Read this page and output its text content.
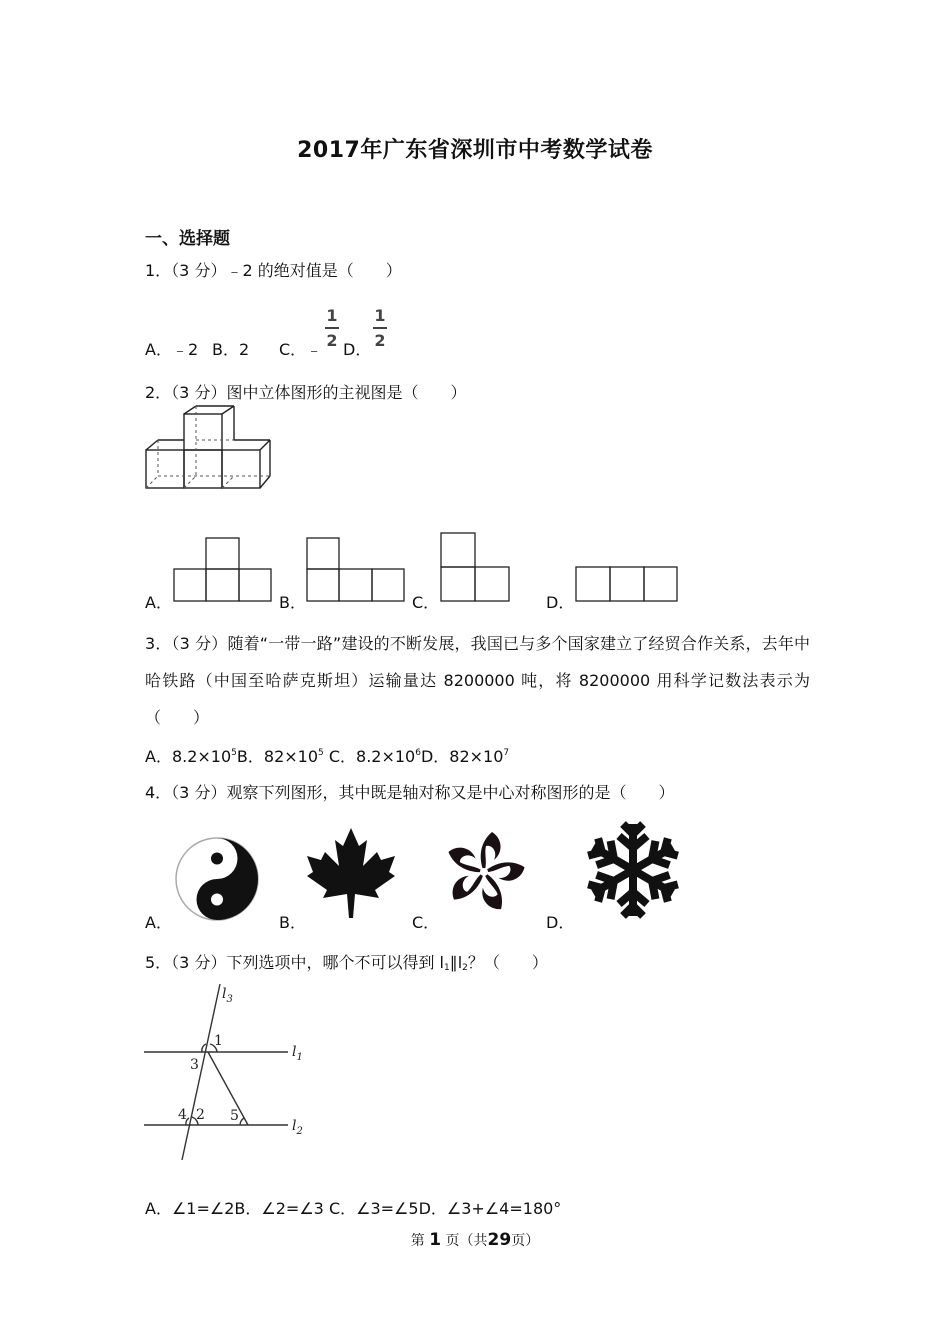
2017年广东省深圳市中考数学试卷
一、选择题
1．（3 分）﹣2 的绝对值是（　　）
A．﹣2 B．2 C．﹣
1
2 D．
1
2
2．（3 分）图中立体图形的主视图是（　　）
A．	B．	C．	D．
3．（3 分）随着“一带一路”建设的不断发展，我国已与多个国家建立了经贸合作关系，去年中哈铁路（中国至哈萨克斯坦）运输量达 8200000 吨，将 8200000 用科学记数法表示为（　　）
A．$8.2\times 10^5B$．$82\times 10^5$ C．$8.2\times 10^6D$．$82\times 10^7$
4．（3 分）观察下列图形，其中既是轴对称又是中心对称图形的是（　　）
A．	B．	C．	D．
5．（3 分）下列选项中，哪个不可以得到 $l_1\parallel l_2$？（　　）
$l_3$
$l_1$
$l_2$
1
3
4 2 5
A．∠1=∠2B．∠2=∠3 C．∠3=∠5D．∠3+∠4=180°
第 1 页（共29页）
